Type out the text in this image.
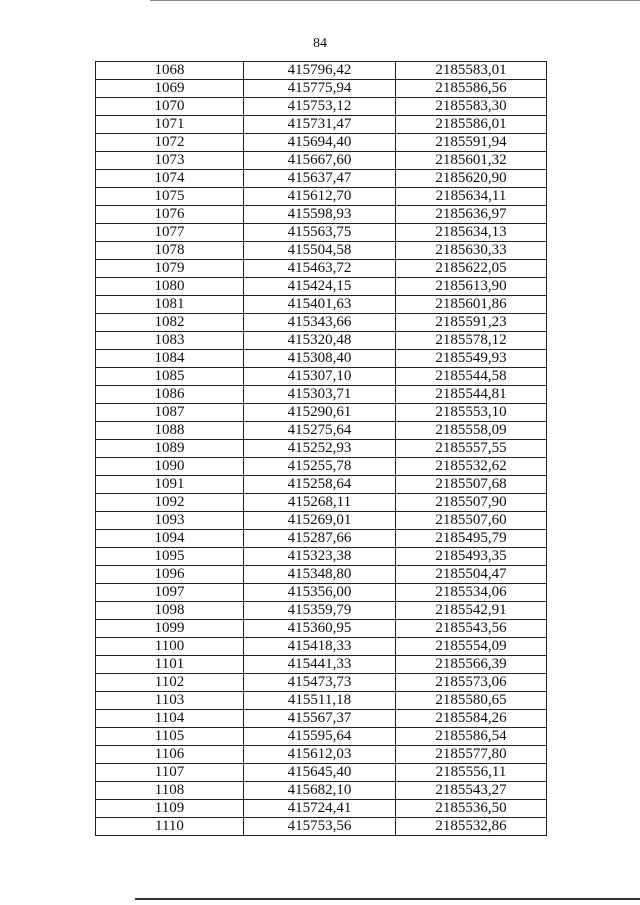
84
1068	415796,42	2185583,01
1069	415775,94	2185586,56
1070	415753,12	2185583,30
1071	415731,47	2185586,01
1072	415694,40	2185591,94
1073	415667,60	2185601,32
1074	415637,47	2185620,90
1075	415612,70	2185634,11
1076	415598,93	2185636,97
1077	415563,75	2185634,13
1078	415504,58	2185630,33
1079	415463,72	2185622,05
1080	415424,15	2185613,90
1081	415401,63	2185601,86
1082	415343,66	2185591,23
1083	415320,48	2185578,12
1084	415308,40	2185549,93
1085	415307,10	2185544,58
1086	415303,71	2185544,81
1087	415290,61	2185553,10
1088	415275,64	2185558,09
1089	415252,93	2185557,55
1090	415255,78	2185532,62
1091	415258,64	2185507,68
1092	415268,11	2185507,90
1093	415269,01	2185507,60
1094	415287,66	2185495,79
1095	415323,38	2185493,35
1096	415348,80	2185504,47
1097	415356,00	2185534,06
1098	415359,79	2185542,91
1099	415360,95	2185543,56
1100	415418,33	2185554,09
1101	415441,33	2185566,39
1102	415473,73	2185573,06
1103	415511,18	2185580,65
1104	415567,37	2185584,26
1105	415595,64	2185586,54
1106	415612,03	2185577,80
1107	415645,40	2185556,11
1108	415682,10	2185543,27
1109	415724,41	2185536,50
1110	415753,56	2185532,86
